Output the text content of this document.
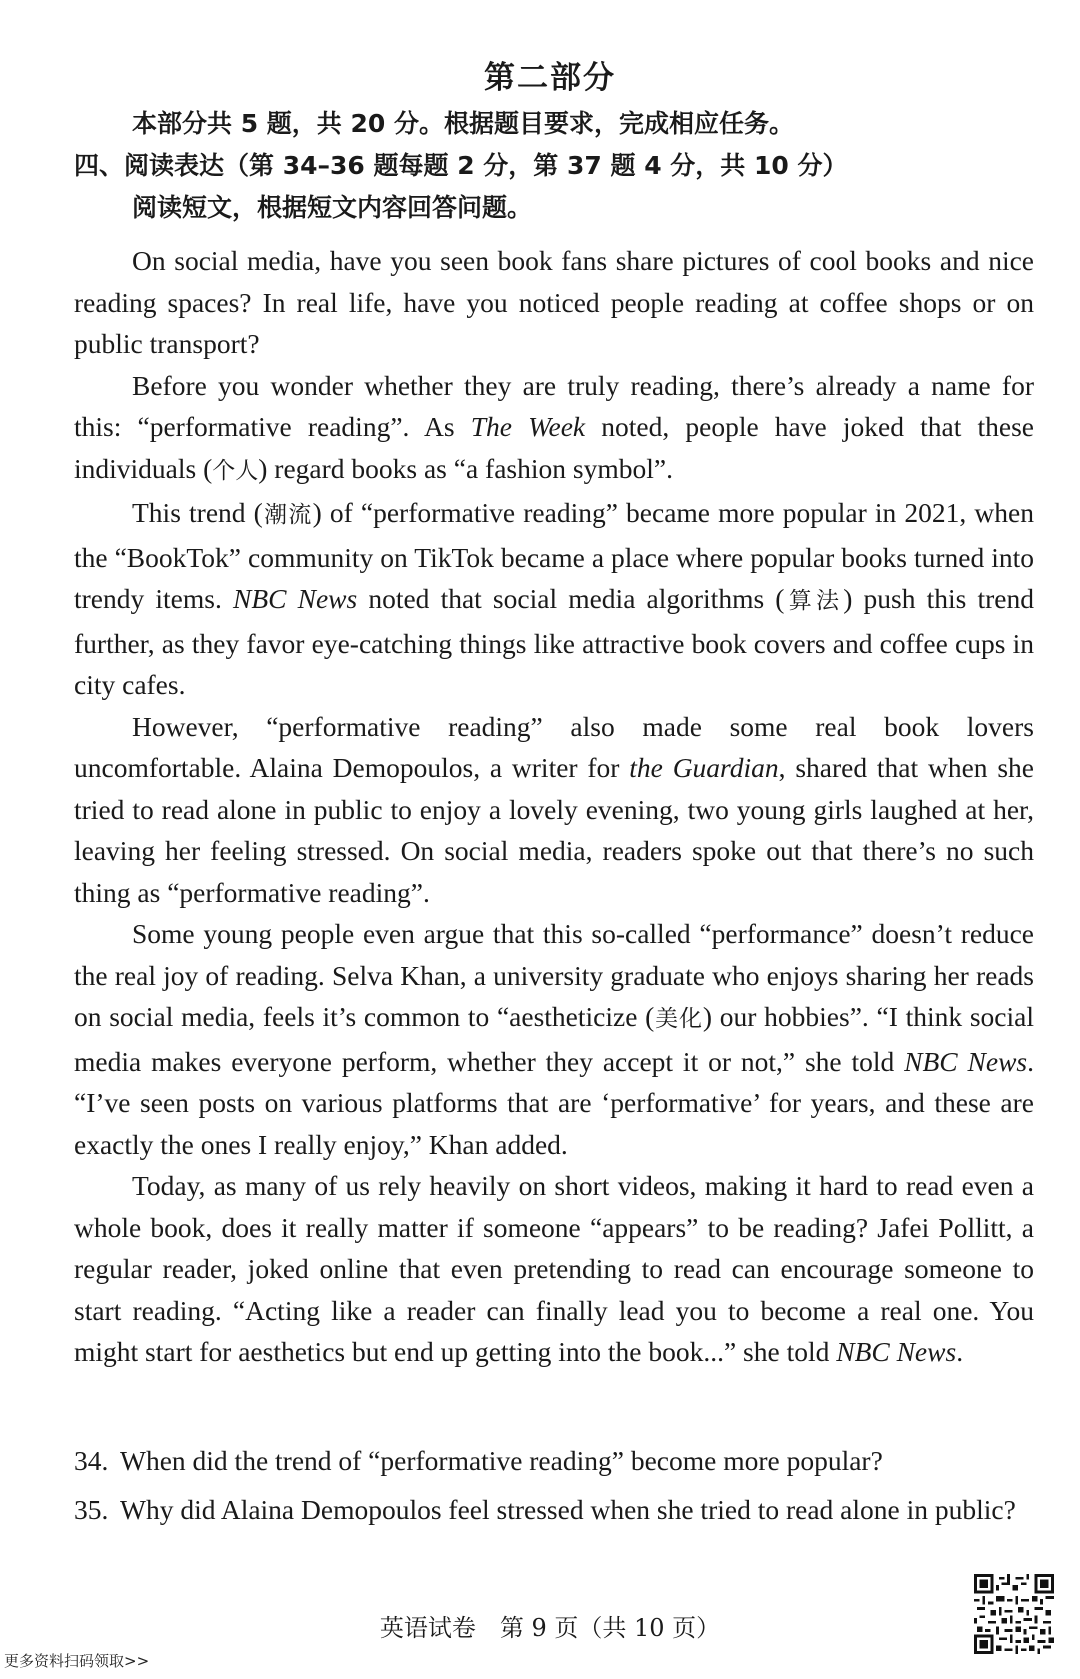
第二部分
本部分共 5 题，共 20 分。根据题目要求，完成相应任务。
四、阅读表达（第 34–36 题每题 2 分，第 37 题 4 分，共 10 分）
阅读短文，根据短文内容回答问题。

On social media, have you seen book fans share pictures of cool books and nice reading spaces? In real life, have you noticed people reading at coffee shops or on public transport?

Before you wonder whether they are truly reading, there’s already a name for this: “performative reading”. As The Week noted, people have joked that these individuals (个人) regard books as “a fashion symbol”.

This trend (潮流) of “performative reading” became more popular in 2021, when the “BookTok” community on TikTok became a place where popular books turned into trendy items. NBC News noted that social media algorithms (算法) push this trend further, as they favor eye-catching things like attractive book covers and coffee cups in city cafes.

However, “performative reading” also made some real book lovers uncomfortable. Alaina Demopoulos, a writer for the Guardian, shared that when she tried to read alone in public to enjoy a lovely evening, two young girls laughed at her, leaving her feeling stressed. On social media, readers spoke out that there’s no such thing as “performative reading”.

Some young people even argue that this so-called “performance” doesn’t reduce the real joy of reading. Selva Khan, a university graduate who enjoys sharing her reads on social media, feels it’s common to “aestheticize (美化) our hobbies”. “I think social media makes everyone perform, whether they accept it or not,” she told NBC News. “I’ve seen posts on various platforms that are ‘performative’ for years, and these are exactly the ones I really enjoy,” Khan added.

Today, as many of us rely heavily on short videos, making it hard to read even a whole book, does it really matter if someone “appears” to be reading? Jafei Pollitt, a regular reader, joked online that even pretending to read can encourage someone to start reading. “Acting like a reader can finally lead you to become a real one. You might start for aesthetics but end up getting into the book...” she told NBC News.

34. When did the trend of “performative reading” become more popular?
35. Why did Alaina Demopoulos feel stressed when she tried to read alone in public?
英语试卷　第 9 页（共 10 页）
更多资料扫码领取>>
